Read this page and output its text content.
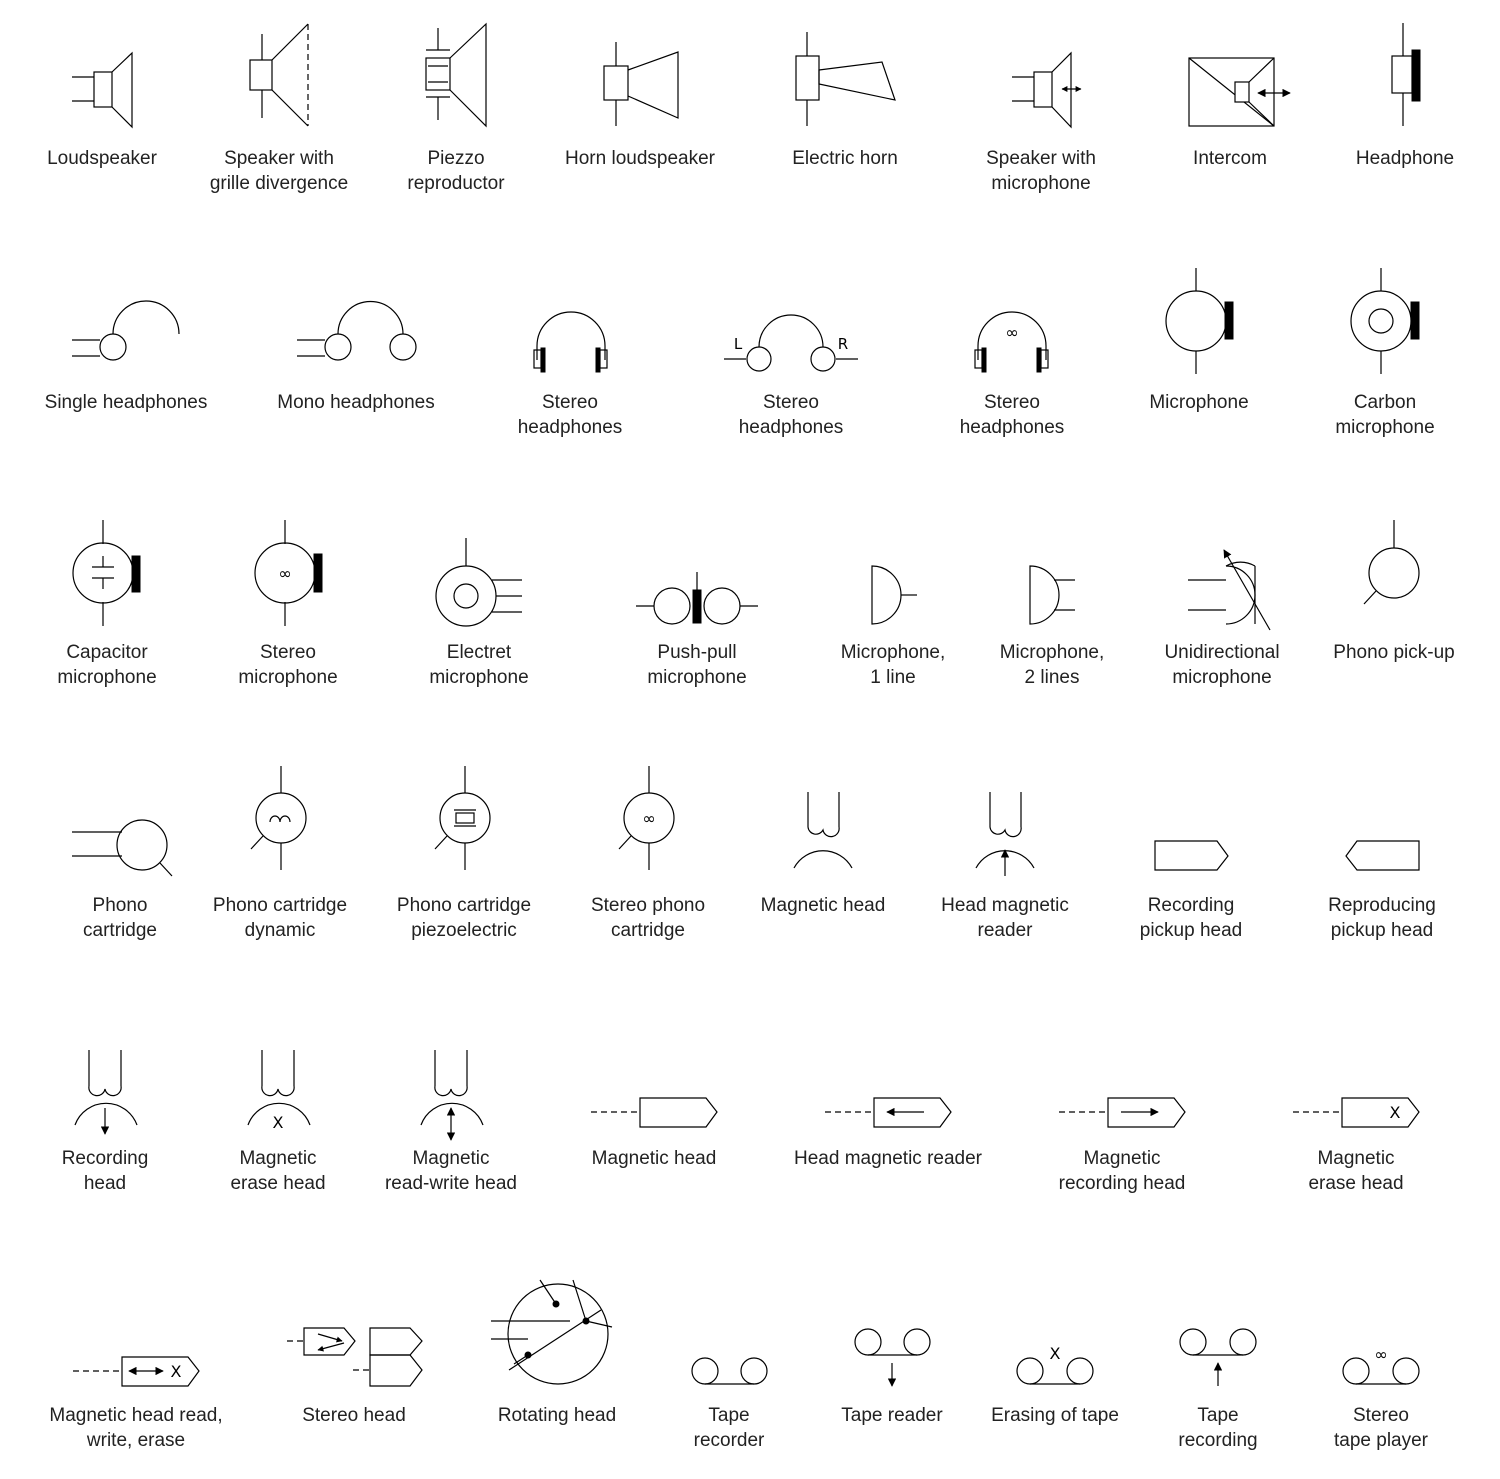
L	R
∞
∞
∞
X
X
X
X	∞
Loudspeaker	Speaker with
grille divergence
Piezzo
reproductor
Horn loudspeaker	Electric horn	Speaker with
microphone
Intercom	Headphone
Single headphones	Mono headphones	Stereo
headphones
Stereo
headphones
Stereo
headphones
Microphone	Carbon
microphone
Capacitor
microphone
Stereo
microphone
Electret
microphone
Push-pull
microphone
Microphone,
1 line
Microphone,
2 lines
Unidirectional
microphone
Phono pick-up
Phono
cartridge
Phono cartridge
dynamic
Phono cartridge
piezoelectric
Stereo phono
cartridge
Magnetic head	Head magnetic
reader
Recording
pickup head
Reproducing
pickup head
Recording
head
Magnetic
erase head
Magnetic
read-write head
Magnetic head	Head magnetic reader	Magnetic
recording head
Magnetic
erase head
Magnetic head read,
write, erase
Stereo head	Rotating head	Tape
recorder
Tape reader	Erasing of tape	Tape
recording
Stereo
tape player
